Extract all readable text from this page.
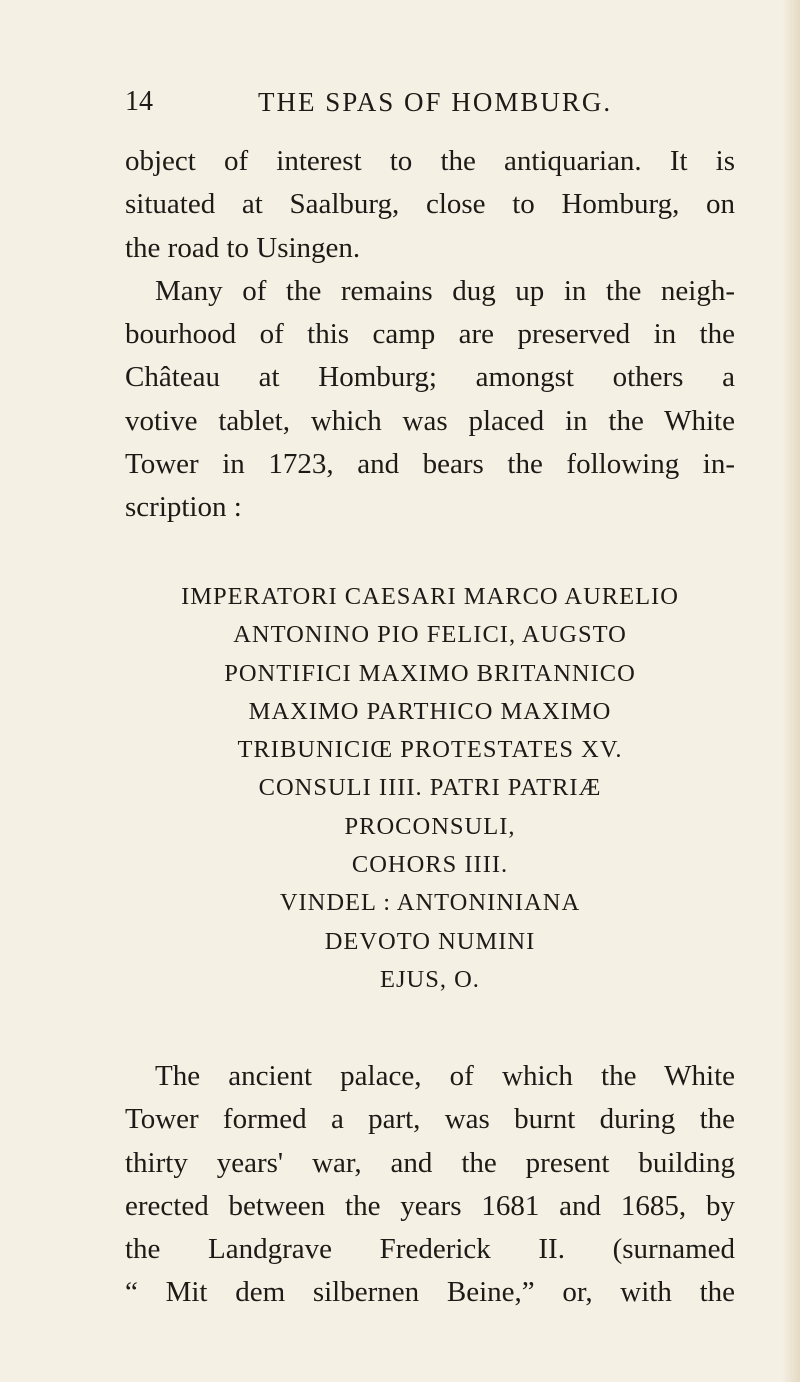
14	THE SPAS OF HOMBURG.
object of interest to the antiquarian. It is
situated at Saalburg, close to Homburg, on
the road to Usingen.
Many of the remains dug up in the neigh-
bourhood of this camp are preserved in the
Château at Homburg; amongst others a
votive tablet, which was placed in the White
Tower in 1723, and bears the following in-
scription :
IMPERATORI CAESARI MARCO AURELIO
ANTONINO PIO FELICI, AUGSTO
PONTIFICI MAXIMO BRITANNICO
MAXIMO PARTHICO MAXIMO
TRIBUNICIŒ PROTESTATES XV.
CONSULI IIII. PATRI PATRIÆ
PROCONSULI,
COHORS IIII.
VINDEL : ANTONINIANA
DEVOTO NUMINI
EJUS, O.
The ancient palace, of which the White
Tower formed a part, was burnt during the
thirty years' war, and the present building
erected between the years 1681 and 1685, by
the Landgrave Frederick II. (surnamed
“ Mit dem silbernen Beine,” or, with the
